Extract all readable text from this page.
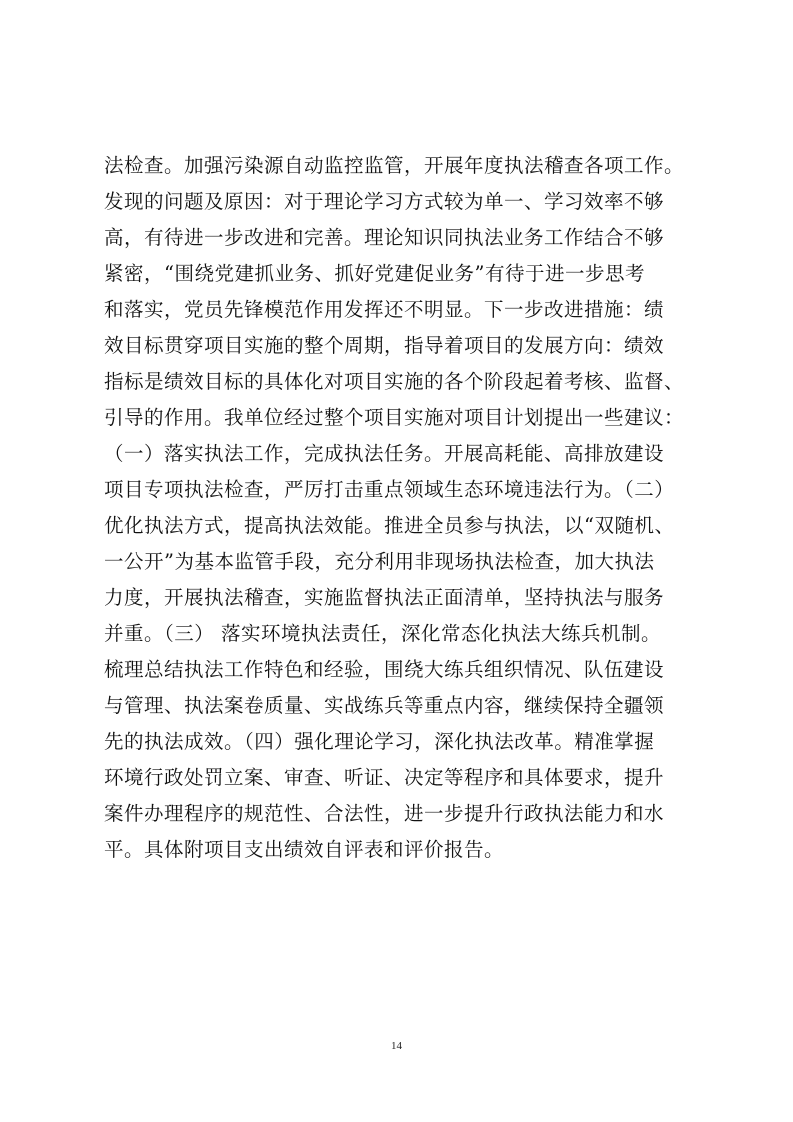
法检查。加强污染源自动监控监管，开展年度执法稽查各项工作。
发现的问题及原因：对于理论学习方式较为单一、学习效率不够
高，有待进一步改进和完善。理论知识同执法业务工作结合不够
紧密，“围绕党建抓业务、抓好党建促业务”有待于进一步思考
和落实，党员先锋模范作用发挥还不明显。下一步改进措施：绩
效目标贯穿项目实施的整个周期，指导着项目的发展方向：绩效
指标是绩效目标的具体化对项目实施的各个阶段起着考核、监督、
引导的作用。我单位经过整个项目实施对项目计划提出一些建议：
（一）落实执法工作，完成执法任务。开展高耗能、高排放建设
项目专项执法检查，严厉打击重点领域生态环境违法行为。（二）
优化执法方式，提高执法效能。推进全员参与执法，以“双随机、
一公开”为基本监管手段，充分利用非现场执法检查，加大执法
力度，开展执法稽查，实施监督执法正面清单，坚持执法与服务
并重。（三） 落实环境执法责任，深化常态化执法大练兵机制。
梳理总结执法工作特色和经验，围绕大练兵组织情况、队伍建设
与管理、执法案卷质量、实战练兵等重点内容，继续保持全疆领
先的执法成效。（四）强化理论学习，深化执法改革。精准掌握
环境行政处罚立案、审查、听证、决定等程序和具体要求，提升
案件办理程序的规范性、合法性，进一步提升行政执法能力和水
平。具体附项目支出绩效自评表和评价报告。
14
